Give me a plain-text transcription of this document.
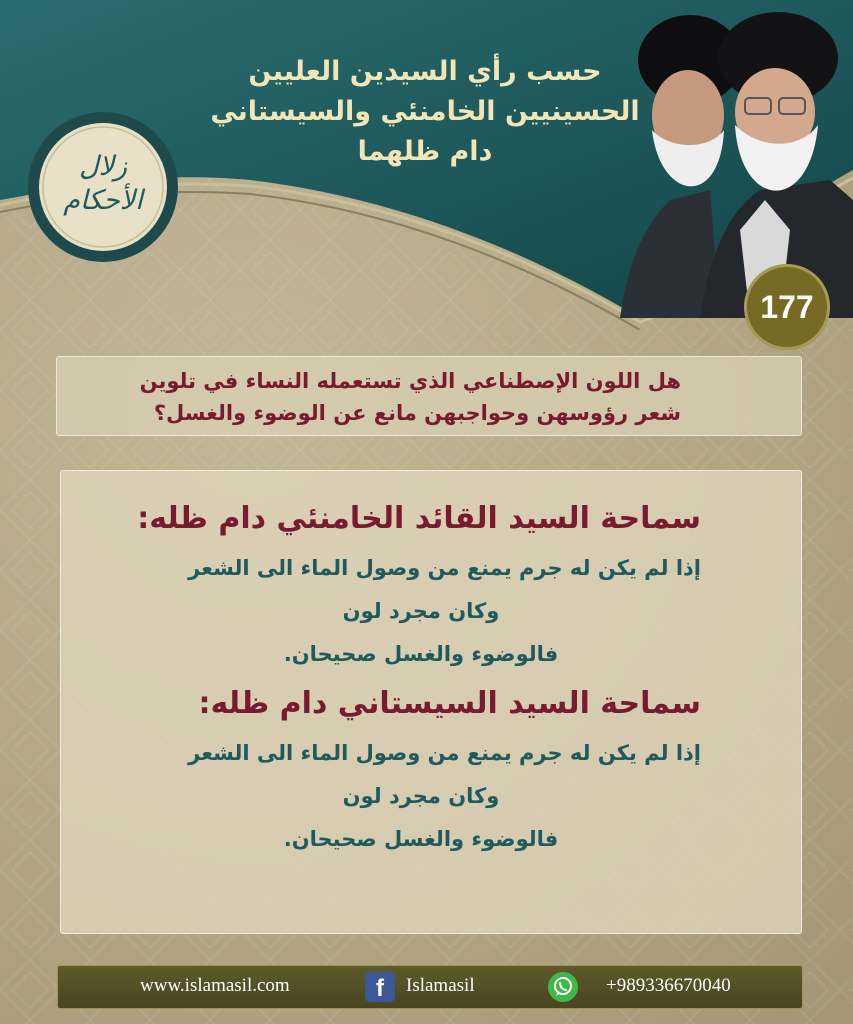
حسب رأي السيدين العليين
الحسينيين الخامنئي والسيستاني
دام ظلهما
زلال
الأحكام
177
هل اللون الإصطناعي الذي تستعمله النساء في تلوين
شعر رؤوسهن وحواجبهن مانع عن الوضوء والغسل؟
سماحة السيد القائد الخامنئي دام ظله:
إذا لم يكن له جرم يمنع من وصول الماء الى الشعر
وكان مجرد لون
فالوضوء والغسل صحيحان.
سماحة السيد السيستاني دام ظله:
إذا لم يكن له جرم يمنع من وصول الماء الى الشعر
وكان مجرد لون
فالوضوء والغسل صحيحان.
www.islamasil.com	f	Islamasil	+989336670040
